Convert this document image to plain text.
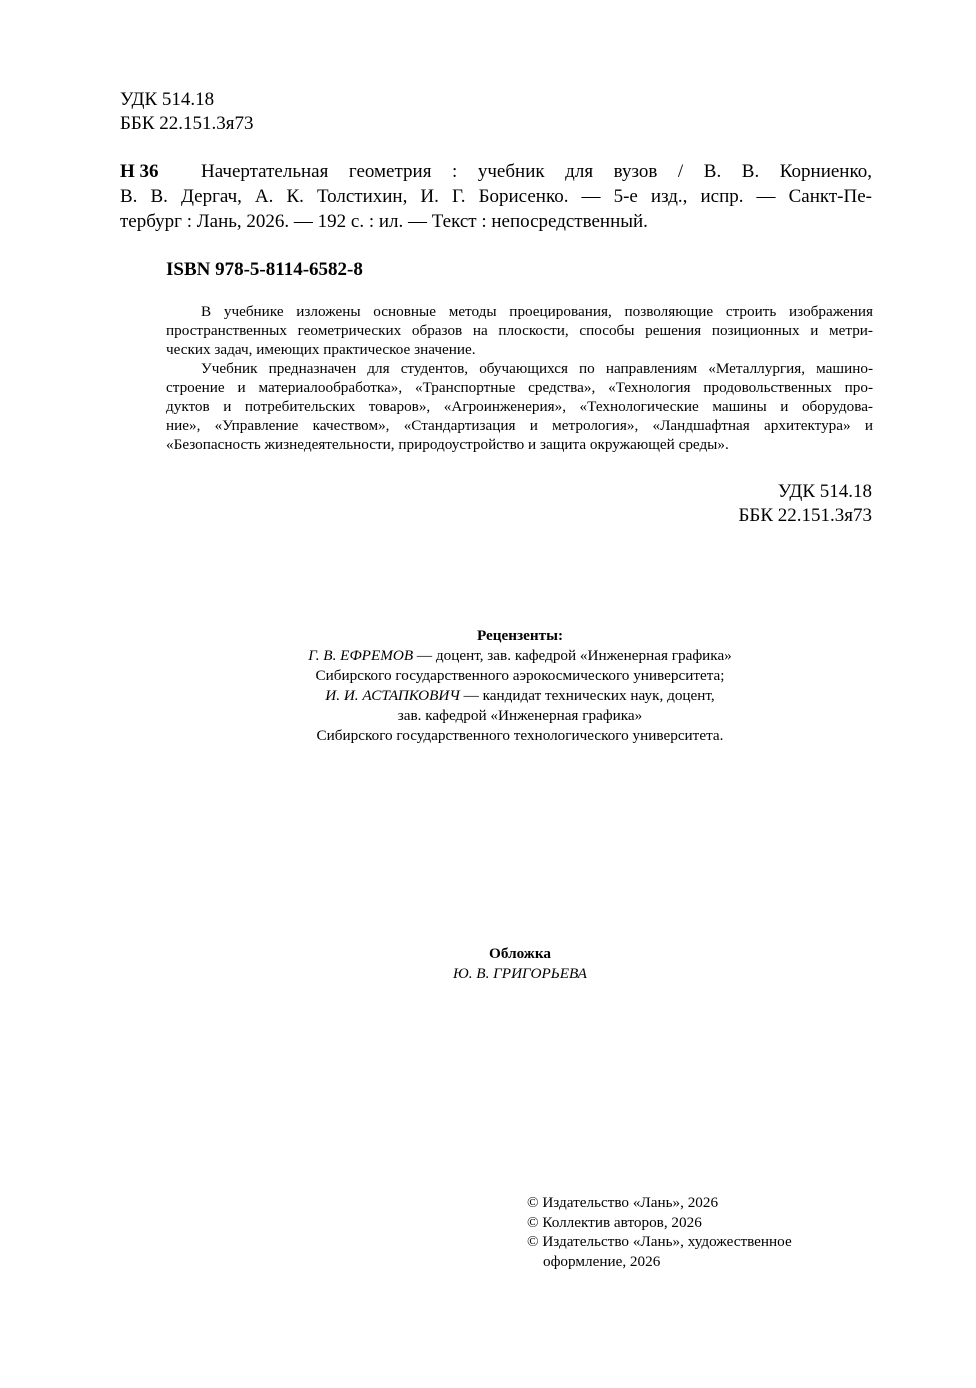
УДК 514.18
ББК 22.151.3я73
Н 36	Начертательная геометрия : учебник для вузов / В. В. Корниенко,
В. В. Дергач, А. К. Толстихин, И. Г. Борисенко. — 5-е изд., испр. — Санкт-Пе-
тербург : Лань, 2026. — 192 с. : ил. — Текст : непосредственный.
ISBN 978-5-8114-6582-8
В учебнике изложены основные методы проецирования, позволяющие строить изображения
пространственных геометрических образов на плоскости, способы решения позиционных и метри-
ческих задач, имеющих практическое значение.
Учебник предназначен для студентов, обучающихся по направлениям «Металлургия, машино-
строение и материалообработка», «Транспортные средства», «Технология продовольственных про-
дуктов и потребительских товаров», «Агроинженерия», «Технологические машины и оборудова-
ние», «Управление качеством», «Стандартизация и метрология», «Ландшафтная архитектура» и
«Безопасность жизнедеятельности, природоустройство и защита окружающей среды».
УДК 514.18
ББК 22.151.3я73
Рецензенты:
Г. В. ЕФРЕМОВ — доцент, зав. кафедрой «Инженерная графика»
Сибирского государственного аэрокосмического университета;
И. И. АСТАПКОВИЧ — кандидат технических наук, доцент,
зав. кафедрой «Инженерная графика»
Сибирского государственного технологического университета.
Обложка
Ю. В. ГРИГОРЬЕВА
© Издательство «Лань», 2026
© Коллектив авторов, 2026
© Издательство «Лань», художественное
оформление, 2026
